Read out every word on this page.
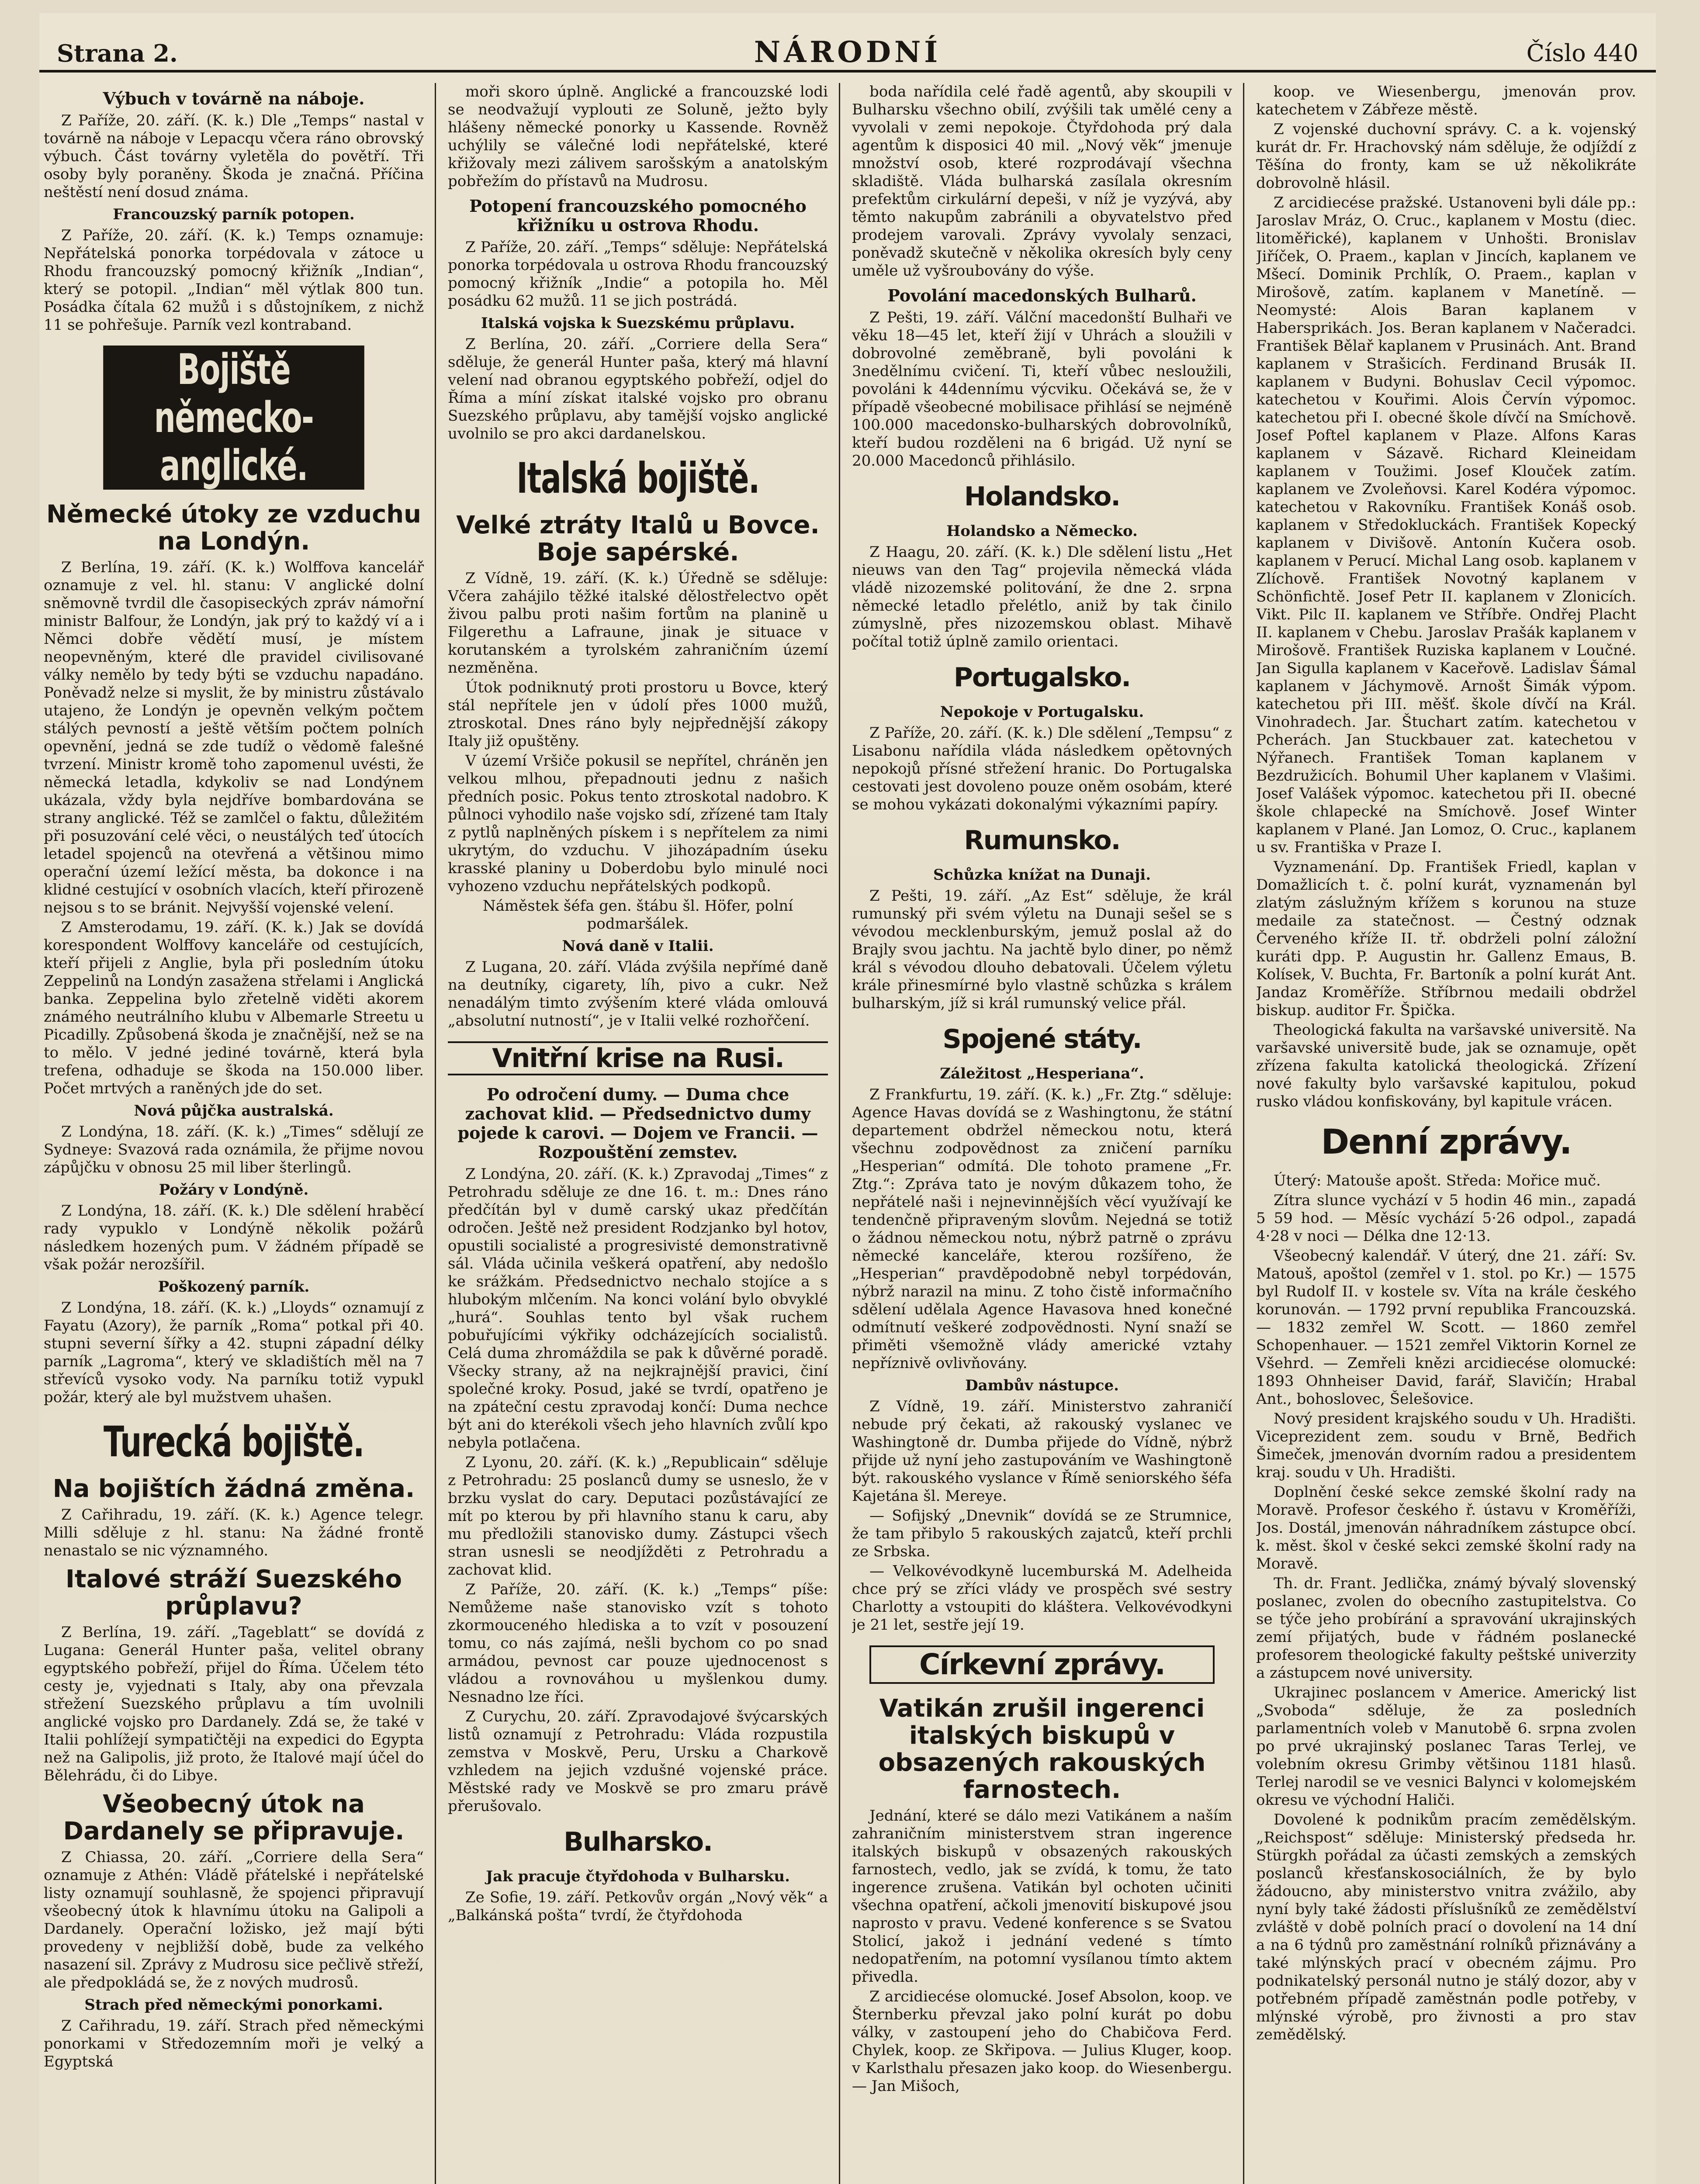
Strana 2.	NÁRODNÍ	Číslo 440
Výbuch v továrně na náboje.

Z Paříže, 20. září. (K. k.) Dle „Temps“ nastal v továrně na náboje v Lepacqu včera ráno obrovský výbuch. Část továrny vyletěla do povětří. Tři osoby byly poraněny. Škoda je značná. Příčina neštěstí není dosud známa.

Francouzský parník potopen.

Z Paříže, 20. září. (K. k.) Temps oznamuje: Nepřátelská ponorka torpédovala v zátoce u Rhodu francouzský pomocný křižník „Indian“, který se potopil. „Indian“ měl výtlak 800 tun. Posádka čítala 62 mužů i s důstojníkem, z nichž 11 se pohřešuje. Parník vezl kontraband.

Bojiště německo-anglické.
Německé útoky ze vzduchu na Londýn.

Z Berlína, 19. září. (K. k.) Wolffova kancelář oznamuje z vel. hl. stanu: V anglické dolní sněmovně tvrdil dle časopiseckých zpráv námořní ministr Balfour, že Londýn, jak prý to každý ví a i Němci dobře vědětí musí, je místem neopevněným, které dle pravidel civilisované války nemělo by tedy býti se vzduchu napadáno. Poněvadž nelze si myslit, že by ministru zůstávalo utajeno, že Londýn je opevněn velkým počtem stálých pevností a ještě větším počtem polních opevnění, jedná se zde tudíž o vědomě falešné tvrzení. Ministr kromě toho zapomenul uvésti, že německá letadla, kdykoliv se nad Londýnem ukázala, vždy byla nejdříve bombardována se strany anglické. Též se zamlčel o faktu, důležitém při posuzování celé věci, o neustálých teď útocích letadel spojenců na otevřená a většinou mimo operační území ležící města, ba dokonce i na klidné cestující v osobních vlacích, kteří přirozeně nejsou s to se bránit. Nejvyšší vojenské velení.

Z Amsterodamu, 19. září. (K. k.) Jak se dovídá korespondent Wolffovy kanceláře od cestujících, kteří přijeli z Anglie, byla při posledním útoku Zeppelinů na Londýn zasažena střelami i Anglická banka. Zeppelina bylo zřetelně viděti akorem známého neutrálního klubu v Albemarle Streetu u Picadilly. Způsobená škoda je značnější, než se na to mělo. V jedné jediné továrně, která byla trefena, odhaduje se škoda na 150.000 liber. Počet mrtvých a raněných jde do set.

Nová půjčka australská.

Z Londýna, 18. září. (K. k.) „Times“ sdělují ze Sydneye: Svazová rada oznámila, že přijme novou zápůjčku v obnosu 25 mil liber šterlingů.

Požáry v Londýně.

Z Londýna, 18. září. (K. k.) Dle sdělení hraběcí rady vypuklo v Londýně několik požárů následkem hozených pum. V žádném případě se však požár nerozšířil.

Poškozený parník.

Z Londýna, 18. září. (K. k.) „Lloyds“ oznamují z Fayatu (Azory), že parník „Roma“ potkal při 40. stupni severní šířky a 42. stupni západní délky parník „Lagroma“, který ve skladištích měl na 7 střevíců vysoko vody. Na parníku totiž vypukl požár, který ale byl mužstvem uhašen.

Turecká bojiště.
Na bojištích žádná změna.

Z Cařihradu, 19. září. (K. k.) Agence telegr. Milli sděluje z hl. stanu: Na žádné frontě nenastalo se nic významného.

Italové stráží Suezského průplavu?

Z Berlína, 19. září. „Tageblatt“ se dovídá z Lugana: Generál Hunter paša, velitel obrany egyptského pobřeží, přijel do Říma. Účelem této cesty je, vyjednati s Italy, aby ona převzala střežení Suezského průplavu a tím uvolnili anglické vojsko pro Dardanely. Zdá se, že také v Italii pohlížejí sympatičtěji na expedici do Egypta než na Galipolis, již proto, že Italové mají účel do Bělehrádu, či do Libye.

Všeobecný útok na Dardanely se připravuje.

Z Chiassa, 20. září. „Corriere della Sera“ oznamuje z Athén: Vládě přátelské i nepřátelské listy oznamují souhlasně, že spojenci připravují všeobecný útok k hlavnímu útoku na Galipoli a Dardanely. Operační ložisko, jež mají býti provedeny v nejbližší době, bude za velkého nasazení sil. Zprávy z Mudrosu sice pečlivě střeží, ale předpokládá se, že z nových mudrosů.

Strach před německými ponorkami.

Z Cařihradu, 19. září. Strach před německými ponorkami v Středozemním moři je velký a Egyptská

moři skoro úplně. Anglické a francouzské lodi se neodvažují vyplouti ze Soluně, ježto byly hlášeny německé ponorky u Kassende. Rovněž uchýlily se válečné lodi nepřátelské, které křižovaly mezi zálivem sarošským a anatolským pobřežím do přístavů na Mudrosu.

Potopení francouzského pomocného křižníku u ostrova Rhodu.

Z Paříže, 20. září. „Temps“ sděluje: Nepřátelská ponorka torpédovala u ostrova Rhodu francouzský pomocný křižník „Indie“ a potopila ho. Měl posádku 62 mužů. 11 se jich postrádá.

Italská vojska k Suezskému průplavu.

Z Berlína, 20. září. „Corriere della Sera“ sděluje, že generál Hunter paša, který má hlavní velení nad obranou egyptského pobřeží, odjel do Říma a míní získat italské vojsko pro obranu Suezského průplavu, aby tamější vojsko anglické uvolnilo se pro akci dardanelskou.

Italská bojiště.
Velké ztráty Italů u Bovce. Boje sapérské.

Z Vídně, 19. září. (K. k.) Úředně se sděluje: Včera zahájilo těžké italské dělostřelectvo opět živou palbu proti našim fortům na planině u Filgerethu a Lafraune, jinak je situace v korutanském a tyrolském zahraničním území nezměněna.

Útok podniknutý proti prostoru u Bovce, který stál nepřítele jen v údolí přes 1000 mužů, ztroskotal. Dnes ráno byly nejpřednější zákopy Italy již opuštěny.

V území Vršiče pokusil se nepřítel, chráněn jen velkou mlhou, přepadnouti jednu z našich předních posic. Pokus tento ztroskotal nadobro. K půlnoci vyhodilo naše vojsko sdí, zřízené tam Italy z pytlů naplněných pískem i s nepřítelem za nimi ukrytým, do vzduchu. V jihozápadním úseku krasské planiny u Doberdobu bylo minulé noci vyhozeno vzduchu nepřátelských podkopů.

Náměstek šéfa gen. štábu šl. Höfer, polní podmaršálek.

Nová daně v Italii.

Z Lugana, 20. září. Vláda zvýšila nepřímé daně na deutníky, cigarety, líh, pivo a cukr. Než nenadálým timto zvýšením které vláda omlouvá „absolutní nutností“, je v Italii velké rozhořčení.

Vnitřní krise na Rusi.
Po odročení dumy. — Duma chce zachovat klid. — Předsednictvo dumy pojede k carovi. — Dojem ve Francii. — Rozpouštění zemstev.

Z Londýna, 20. září. (K. k.) Zpravodaj „Times“ z Petrohradu sděluje ze dne 16. t. m.: Dnes ráno předčítán byl v dumě carský ukaz předčítán odročen. Ještě než president Rodzjanko byl hotov, opustili socialisté a progresivisté demonstrativně sál. Vláda učinila veškerá opatření, aby nedošlo ke srážkám. Předsednictvo nechalo stojíce a s hlubokým mlčením. Na konci volání bylo obvyklé „hurá“. Souhlas tento byl však ruchem pobuřujícími výkřiky odcházejících socialistů. Celá duma zhromáždila se pak k důvěrné poradě. Všecky strany, až na nejkrajnější pravici, činí společné kroky. Posud, jaké se tvrdí, opatřeno je na zpáteční cestu zpravodaj končí: Duma nechce být ani do kterékoli všech jeho hlavních zvůlí kpo nebyla potlačena.

Z Lyonu, 20. září. (K. k.) „Republicain“ sděluje z Petrohradu: 25 poslanců dumy se usneslo, že v brzku vyslat do cary. Deputaci pozůstávající ze mít po kterou by při hlavního stanu k caru, aby mu předložili stanovisko dumy. Zástupci všech stran usnesli se neodjížděti z Petrohradu a zachovat klid.

Z Paříže, 20. září. (K. k.) „Temps“ píše: Nemůžeme naše stanovisko vzít s tohoto zkormouceného hlediska a to vzít v posouzení tomu, co nás zajímá, nešli bychom co po snad armádou, pevnost car pouze ujednocenost s vládou a rovnováhou u myšlenkou dumy. Nesnadno lze říci.

Z Curychu, 20. září. Zpravodajové švýcarských listů oznamují z Petrohradu: Vláda rozpustila zemstva v Moskvě, Peru, Ursku a Charkově vzhledem na jejich vzdušné vojenské práce. Městské rady ve Moskvě se pro zmaru právě přerušovalo.

Bulharsko.
Jak pracuje čtyřdohoda v Bulharsku.

Ze Sofie, 19. září. Petkovův orgán „Nový věk“ a „Balkánská pošta“ tvrdí, že čtyřdohoda

boda nařídila celé řadě agentů, aby skoupili v Bulharsku všechno obilí, zvýšili tak umělé ceny a vyvolali v zemi nepokoje. Čtyřdohoda prý dala agentům k disposici 40 mil. „Nový věk“ jmenuje množství osob, které rozprodávají všechna skladiště. Vláda bulharská zasílala okresním prefektům cirkulární depeši, v níž je vyzývá, aby těmto nakupům zabránili a obyvatelstvo před prodejem varovali. Zprávy vyvolaly senzaci, poněvadž skutečně v několika okresích byly ceny uměle už vyšroubovány do výše.

Povolání macedonských Bulharů.

Z Pešti, 19. září. Válční macedonští Bulhaři ve věku 18—45 let, kteří žijí v Uhrách a sloužili v dobrovolné zeměbraně, byli povoláni k 3nedělnímu cvičení. Ti, kteří vůbec nesloužili, povoláni k 44dennímu výcviku. Očekává se, že v případě všeobecné mobilisace přihlásí se nejméně 100.000 macedonsko-bulharských dobrovolníků, kteří budou rozděleni na 6 brigád. Už nyní se 20.000 Macedonců přihlásilo.

Holandsko.
Holandsko a Německo.

Z Haagu, 20. září. (K. k.) Dle sdělení listu „Het nieuws van den Tag“ projevila německá vláda vládě nizozemské politování, že dne 2. srpna německé letadlo přelétlo, aniž by tak činilo zúmyslně, přes nizozemskou oblast. Mihavě počítal totiž úplně zamilo orientaci.

Portugalsko.
Nepokoje v Portugalsku.

Z Paříže, 20. září. (K. k.) Dle sdělení „Tempsu“ z Lisabonu nařídila vláda následkem opětovných nepokojů přísné střežení hranic. Do Portugalska cestovati jest dovoleno pouze oněm osobám, které se mohou vykázati dokonalými výkazními papíry.

Rumunsko.
Schůzka knížat na Dunaji.

Z Pešti, 19. září. „Az Est“ sděluje, že král rumunský při svém výletu na Dunaji sešel se s vévodou mecklenburským, jemuž poslal až do Brajly svou jachtu. Na jachtě bylo diner, po němž král s vévodou dlouho debatovali. Účelem výletu krále přinesmírné bylo vlastně schůzka s králem bulharským, jíž si král rumunský velice přál.

Spojené státy.
Záležitost „Hesperiana“.

Z Frankfurtu, 19. září. (K. k.) „Fr. Ztg.“ sděluje: Agence Havas dovídá se z Washingtonu, že státní departement obdržel německou notu, která všechnu zodpovědnost za zničení parníku „Hesperian“ odmítá. Dle tohoto pramene „Fr. Ztg.“: Zpráva tato je novým důkazem toho, že nepřátelé naši i nejnevinnějších věcí využívají ke tendenčně připraveným slovům. Nejedná se totiž o žádnou německou notu, nýbrž patrně o zprávu německé kanceláře, kterou rozšířeno, že „Hesperian“ pravděpodobně nebyl torpédován, nýbrž narazil na minu. Z toho čistě informačního sdělení udělala Agence Havasova hned konečné odmítnutí veškeré zodpovědnosti. Nyní snaží se přiměti všemožně vlády americké vztahy nepříznivě ovlivňovány.

Dambův nástupce.

Z Vídně, 19. září. Ministerstvo zahraničí nebude prý čekati, až rakouský vyslanec ve Washingtoně dr. Dumba přijede do Vídně, nýbrž přijde už nyní jeho zastupováním ve Washingtoně být. rakouského vyslance v Římě seniorského šéfa Kajetána šl. Mereye.

— Sofijský „Dnevnik“ dovídá se ze Strumnice, že tam přibylo 5 rakouských zajatců, kteří prchli ze Srbska.

— Velkovévodkyně lucemburská M. Adelheida chce prý se zříci vlády ve prospěch své sestry Charlotty a vstoupiti do kláštera. Velkovévodkyni je 21 let, sestře její 19.

Církevní zprávy.
Vatikán zrušil ingerenci italských biskupů v obsazených rakouských farnostech.

Jednání, které se dálo mezi Vatikánem a naším zahraničním ministerstvem stran ingerence italských biskupů v obsazených rakouských farnostech, vedlo, jak se zvídá, k tomu, že tato ingerence zrušena. Vatikán byl ochoten učiniti všechna opatření, ačkoli jmenovití biskupové jsou naprosto v pravu. Vedené konference s se Svatou Stolicí, jakož i jednání vedené s tímto nedopatřením, na potomní vysílanou tímto aktem přivedla.

Z arcidiecése olomucké. Josef Absolon, koop. ve Šternberku převzal jako polní kurát po dobu války, v zastoupení jeho do Chabičova Ferd. Chylek, koop. ze Skřipova. — Julius Kluger, koop. v Karlsthalu přesazen jako koop. do Wiesenbergu. — Jan Mišoch,

koop. ve Wiesenbergu, jmenován prov. katechetem v Zábřeze městě.

Z vojenské duchovní správy. C. a k. vojenský kurát dr. Fr. Hrachovský nám sděluje, že odjíždí z Těšína do fronty, kam se už několikráte dobrovolně hlásil.

Z arcidiecése pražské. Ustanoveni byli dále pp.: Jaroslav Mráz, O. Cruc., kaplanem v Mostu (diec. litoměřické), kaplanem v Unhošti. Bronislav Jiříček, O. Praem., kaplan v Jincích, kaplanem ve Mšecí. Dominik Prchlík, O. Praem., kaplan v Mirošově, zatím. kaplanem v Manetíně. — Neomysté: Alois Baran kaplanem v Habersprikách. Jos. Beran kaplanem v Načeradci. František Bělař kaplanem v Prusinách. Ant. Brand kaplanem v Strašicích. Ferdinand Brusák II. kaplanem v Budyni. Bohuslav Cecil výpomoc. katechetou v Kouřimi. Alois Červín výpomoc. katechetou při I. obecné škole dívčí na Smíchově. Josef Poftel kaplanem v Plaze. Alfons Karas kaplanem v Sázavě. Richard Kleineidam kaplanem v Toužimi. Josef Klouček zatím. kaplanem ve Zvoleňovsi. Karel Kodéra výpomoc. katechetou v Rakovníku. František Konáš osob. kaplanem v Středokluckách. František Kopecký kaplanem v Divišově. Antonín Kučera osob. kaplanem v Perucí. Michal Lang osob. kaplanem v Zlíchově. František Novotný kaplanem v Schönfichtě. Josef Petr II. kaplanem v Zlonicích. Vikt. Pilc II. kaplanem ve Stříbře. Ondřej Placht II. kaplanem v Chebu. Jaroslav Prašák kaplanem v Mirošově. František Ruziska kaplanem v Loučné. Jan Sigulla kaplanem v Kaceřově. Ladislav Šámal kaplanem v Jáchymově. Arnošt Šimák výpom. katechetou při III. měšť. škole dívčí na Král. Vinohradech. Jar. Štuchart zatím. katechetou v Pcherách. Jan Stuckbauer zat. katechetou v Nýřanech. František Toman kaplanem v Bezdružicích. Bohumil Uher kaplanem v Vlašimi. Josef Valášek výpomoc. katechetou při II. obecné škole chlapecké na Smíchově. Josef Winter kaplanem v Plané. Jan Lomoz, O. Cruc., kaplanem u sv. Františka v Praze I.

Vyznamenání. Dp. František Friedl, kaplan v Domažlicích t. č. polní kurát, vyznamenán byl zlatým záslužným křížem s korunou na stuze medaile za statečnost. — Čestný odznak Červeného kříže II. tř. obdrželi polní záložní kuráti dpp. P. Augustin hr. Gallenz Emaus, B. Kolísek, V. Buchta, Fr. Bartoník a polní kurát Ant. Jandaz Kroměříže. Stříbrnou medaili obdržel biskup. auditor Fr. Špička.

Theologická fakulta na varšavské universitě. Na varšavské universitě bude, jak se oznamuje, opět zřízena fakulta katolická theologická. Zřízení nové fakulty bylo varšavské kapitulou, pokud rusko vládou konfiskovány, byl kapitule vrácen.

Denní zprávy.

Úterý: Matouše apošt. Středa: Mořice muč.

Zítra slunce vychází v 5 hodin 46 min., zapadá 5 59 hod. — Měsíc vychází 5·26 odpol., zapadá 4·28 v noci — Délka dne 12·13.

Všeobecný kalendář. V úterý, dne 21. září: Sv. Matouš, apoštol (zemřel v 1. stol. po Kr.) — 1575 byl Rudolf II. v kostele sv. Víta na krále českého korunován. — 1792 první republika Francouzská. — 1832 zemřel W. Scott. — 1860 zemřel Schopenhauer. — 1521 zemřel Viktorin Kornel ze Všehrd. — Zemřeli knězi arcidiecése olomucké: 1893 Ohnheiser David, farář, Slavičín; Hrabal Ant., bohoslovec, Šelešovice.

Nový president krajského soudu v Uh. Hradišti. Viceprezident zem. soudu v Brně, Bedřich Šimeček, jmenován dvorním radou a presidentem kraj. soudu v Uh. Hradišti.

Doplnění české sekce zemské školní rady na Moravě. Profesor českého ř. ústavu v Kroměříži, Jos. Dostál, jmenován náhradníkem zástupce obcí. k. měst. škol v české sekci zemské školní rady na Moravě.

Th. dr. Frant. Jedlička, známý bývalý slovenský poslanec, zvolen do obecního zastupitelstva. Co se týče jeho probírání a spravování ukrajinských zemí přijatých, bude v řádném poslanecké profesorem theologické fakulty peštské univerzity a zástupcem nové university.

Ukrajinec poslancem v Americe. Americký list „Svoboda“ sděluje, že za posledních parlamentních voleb v Manutobě 6. srpna zvolen po prvé ukrajinský poslanec Taras Terlej, ve volebním okresu Grimby většinou 1181 hlasů. Terlej narodil se ve vesnici Balynci v kolomejském okresu ve východní Haliči.

Dovolené k podnikům pracím zemědělským. „Reichspost“ sděluje: Ministerský předseda hr. Stürgkh pořádal za účasti zemských a zemských poslanců křesťanskosociálních, že by bylo žádoucno, aby ministerstvo vnitra zvážilo, aby nyní byly také žádosti příslušníků ze zemědělství zvláště v době polních prací o dovolení na 14 dní a na 6 týdnů pro zaměstnání rolníků přiznávány a také mlýnských prací v obecném zájmu. Pro podnikatelský personál nutno je stálý dozor, aby v potřebném případě zaměstnán podle potřeby, v mlýnské výrobě, pro živnosti a pro stav zemědělský.
